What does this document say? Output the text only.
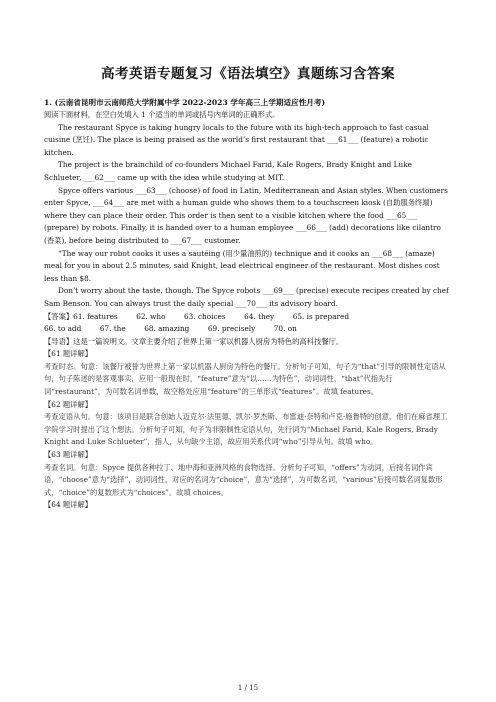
高考英语专题复习《语法填空》真题练习含答案

1. (云南省昆明市云南师范大学附属中学 2022-2023 学年高三上学期适应性月考)

阅读下面材料，在空白处填入 1 个适当的单词或括号内单词的正确形式。

The restaurant Spyce is taking hungry locals to the future with its high-tech approach to fast casual cuisine (烹饪). The place is being praised as the world’s first restaurant that ___61___ (feature) a robotic kitchen.

The project is the brainchild of co-founders Michael Farid, Kale Rogers, Brady Knight and Luke Schlueter, ___62___ came up with the idea while studying at MIT.

Spyce offers various ___63___ (choose) of food in Latin, Mediterranean and Asian styles. When customers enter Spyce, ___64___ are met with a human guide who shows them to a touchscreen kiosk (自助服务终端) where they can place their order. This order is then sent to a visible kitchen where the food ___65___ (prepare) by robots. Finally, it is handed over to a human employee ___66___ (add) decorations like cilantro (香菜), before being distributed to ___67___ customer.

“The way our robot cooks it uses a sautéing (用少量油煎的) technique and it cooks an ___68___ (amaze) meal for you in about 2.5 minutes, said Knight, lead electrical engineer of the restaurant. Most dishes cost less than $8.

Don’t worry about the taste, though. The Spyce robots ___69___ (precise) execute recipes created by chef Sam Benson. You can always trust the daily special ___70___ its advisory board.

【答案】61. features        62. who        63. choices        64. they        65. is prepared

66. to add        67. the        68. amazing        69. precisely        70. on

【导语】这是一篇说明文。文章主要介绍了世界上第一家以机器人厨房为特色的高科技餐厅。

【61 题详解】

考查时态。句意：该餐厅被誉为世界上第一家以机器人厨房为特色的餐厅。分析句子可知，句子为“that”引导的限制性定语从句，句子陈述的是客观事实，应用一般现在时，“feature”意为“以……为特色”，动词词性，“that”代指先行词“restaurant”，为可数名词单数，故空格处应用“feature”的三单形式“features”。故填 features。

【62 题详解】

考查定语从句。句意：该项目是联合创始人迈克尔·法里德、凯尔·罗杰斯、布雷迪·奈特和卢克·施鲁特的创意，他们在麻省理工学院学习时提出了这个想法。分析句子可知，句子为非限制性定语从句，先行词为“Michael Farid, Kale Rogers, Brady Knight and Luke Schlueter”，指人，从句缺少主语，故应用关系代词“who”引导从句。故填 who。

【63 题详解】

考查名词。句意：Spyce 提供各种拉丁、地中海和亚洲风格的食物选择。分析句子可知，“offers”为动词，后接名词作宾语，“choose”意为“选择”，动词词性，对应的名词为“choice”，意为“选择”，为可数名词，“various”后接可数名词复数形式，“choice”的复数形式为“choices”。故填 choices。

【64 题详解】

1 / 15
